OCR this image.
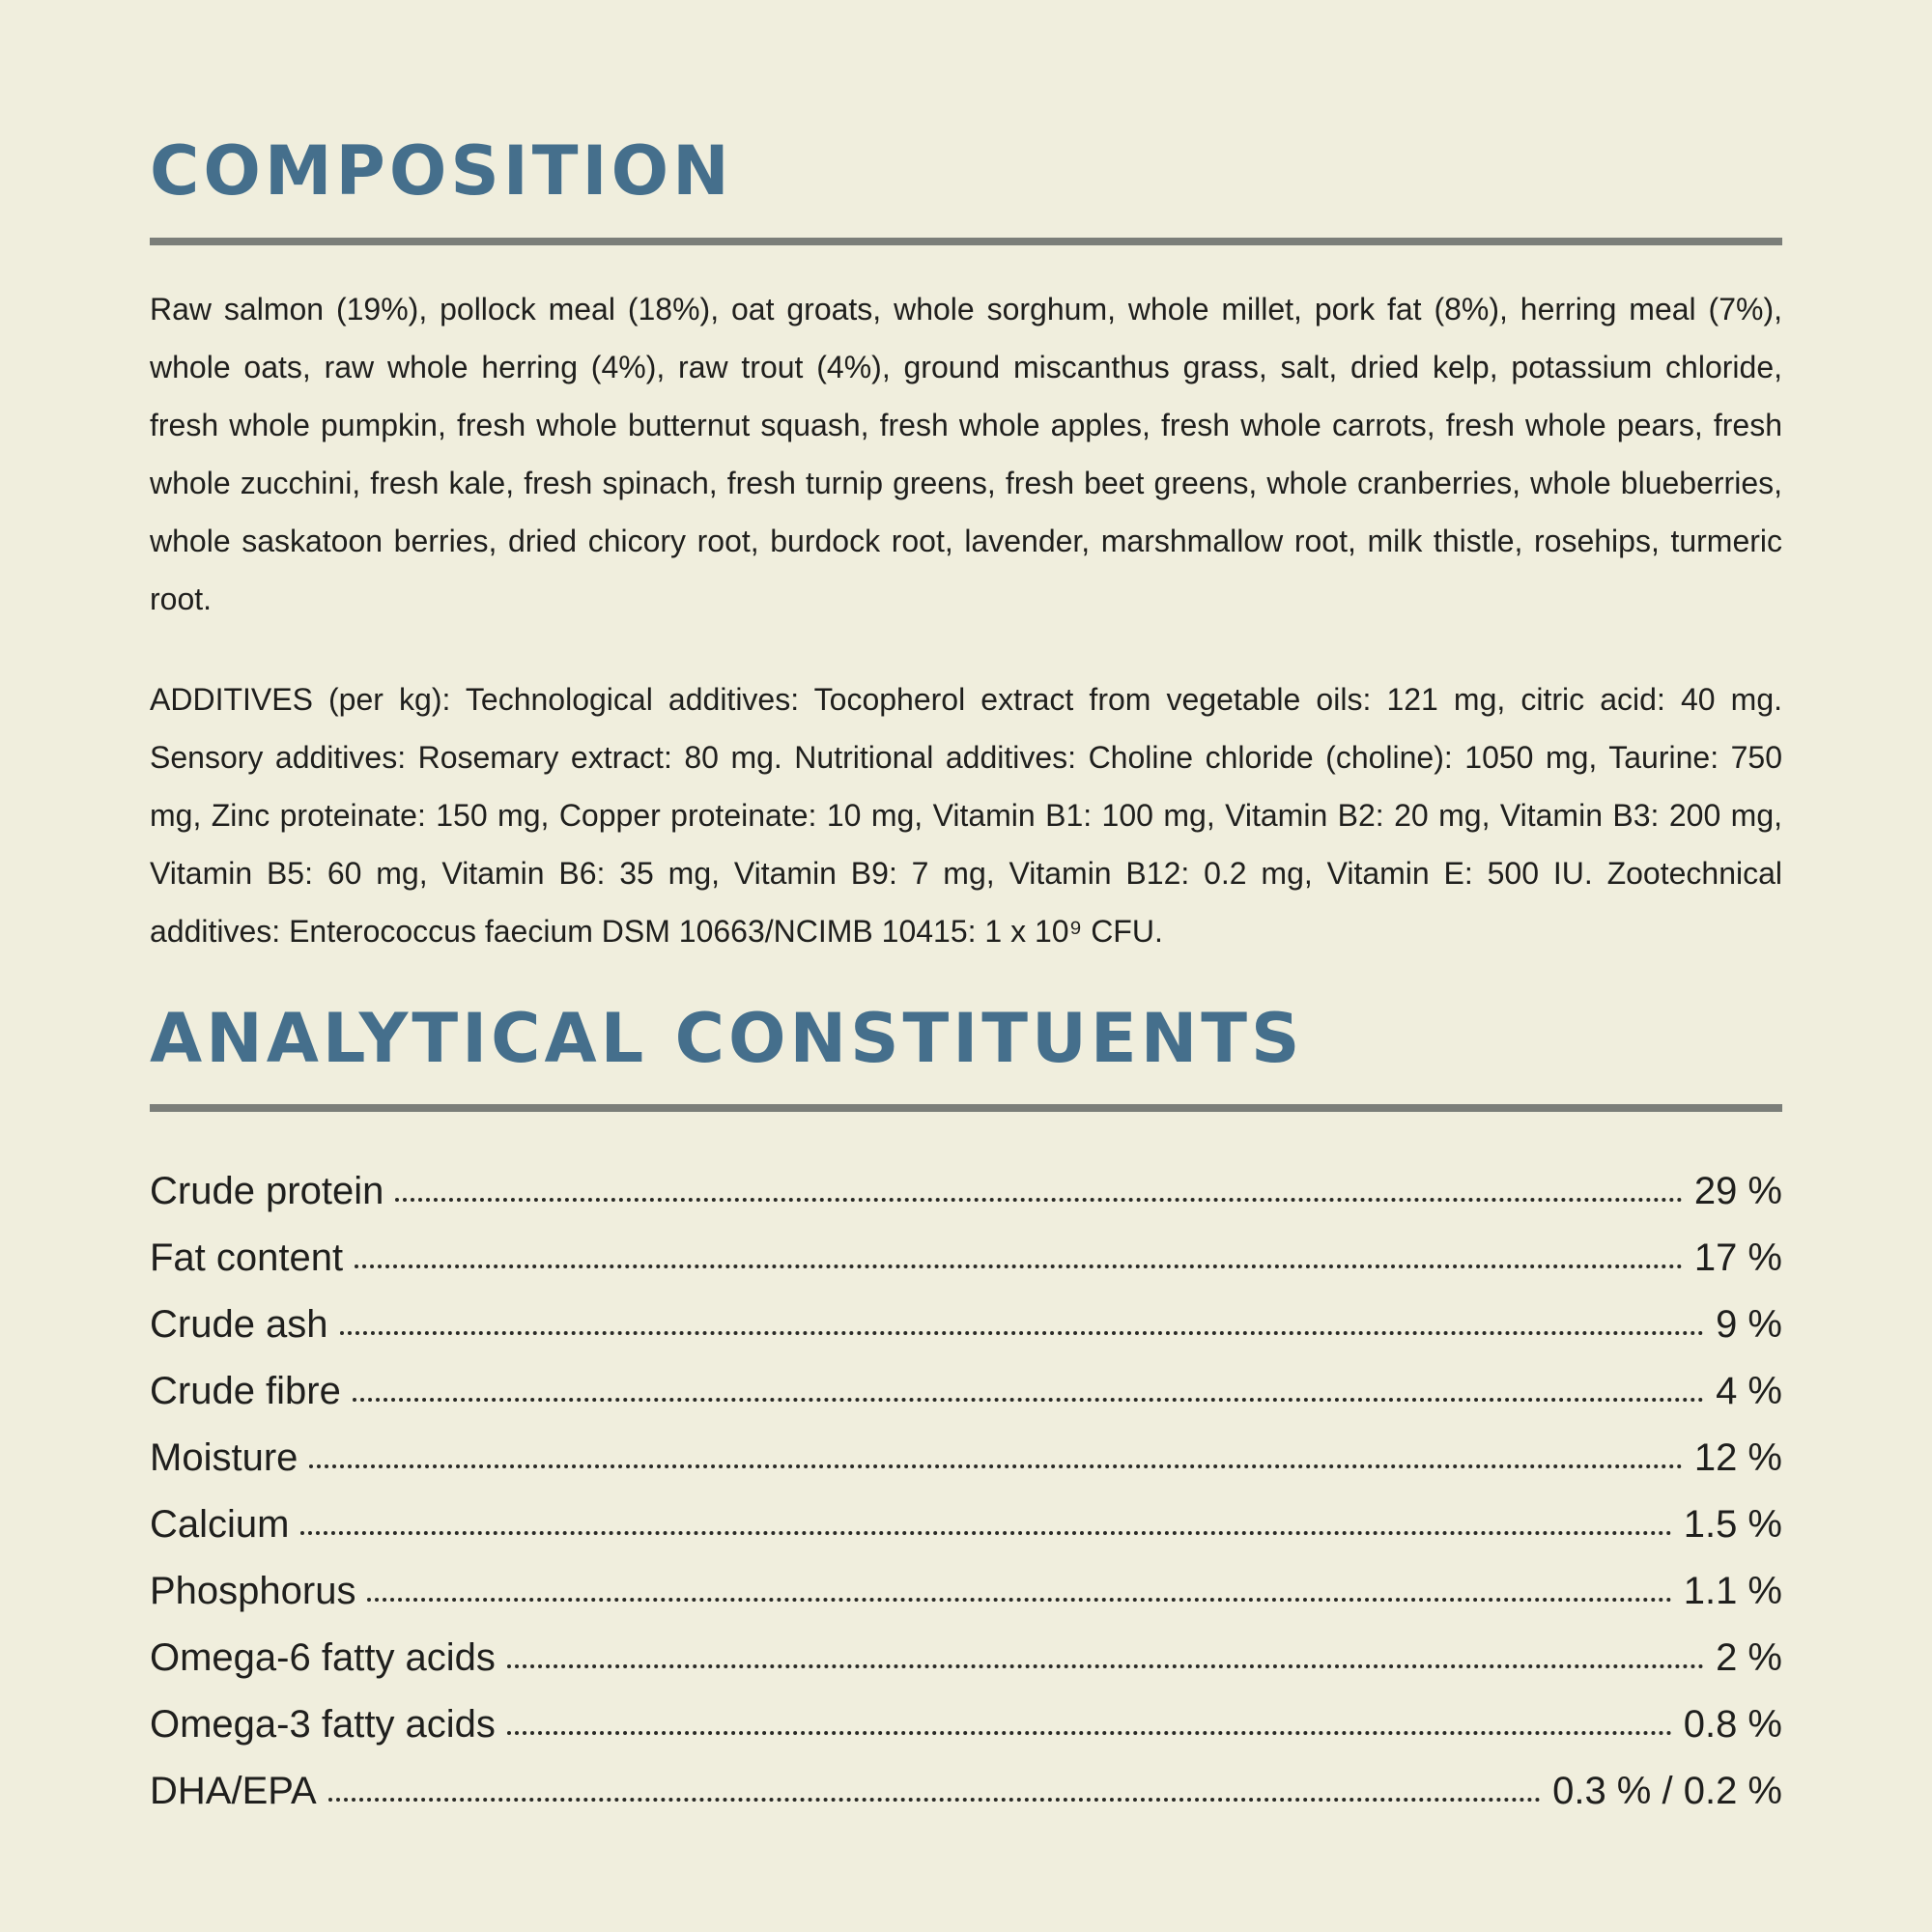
COMPOSITION

Raw salmon (19%), pollock meal (18%), oat groats, whole sorghum, whole millet, pork fat (8%), herring meal (7%), whole oats, raw whole herring (4%), raw trout (4%), ground miscanthus grass, salt, dried kelp, potassium chloride, fresh whole pumpkin, fresh whole butternut squash, fresh whole apples, fresh whole carrots, fresh whole pears, fresh whole zucchini, fresh kale, fresh spinach, fresh turnip greens, fresh beet greens, whole cranberries, whole blueberries, whole saskatoon berries, dried chicory root, burdock root, lavender, marshmallow root, milk thistle, rosehips, turmeric root.

ADDITIVES (per kg): Technological additives: Tocopherol extract from vegetable oils: 121 mg, citric acid: 40 mg. Sensory additives: Rosemary extract: 80 mg. Nutritional additives: Choline chloride (choline): 1050 mg, Taurine: 750 mg, Zinc proteinate: 150 mg, Copper proteinate: 10 mg, Vitamin B1: 100 mg, Vitamin B2: 20 mg, Vitamin B3: 200 mg, Vitamin B5: 60 mg, Vitamin B6: 35 mg, Vitamin B9: 7 mg, Vitamin B12: 0.2 mg, Vitamin E: 500 IU. Zootechnical additives: Enterococcus faecium DSM 10663/NCIMB 10415: 1 x 10⁹ CFU.

ANALYTICAL CONSTITUENTS
Crude protein	29 %
Fat content	17 %
Crude ash	9 %
Crude fibre	4 %
Moisture	12 %
Calcium	1.5 %
Phosphorus	1.1 %
Omega-6 fatty acids	2 %
Omega-3 fatty acids	0.8 %
DHA/EPA	0.3 % / 0.2 %
